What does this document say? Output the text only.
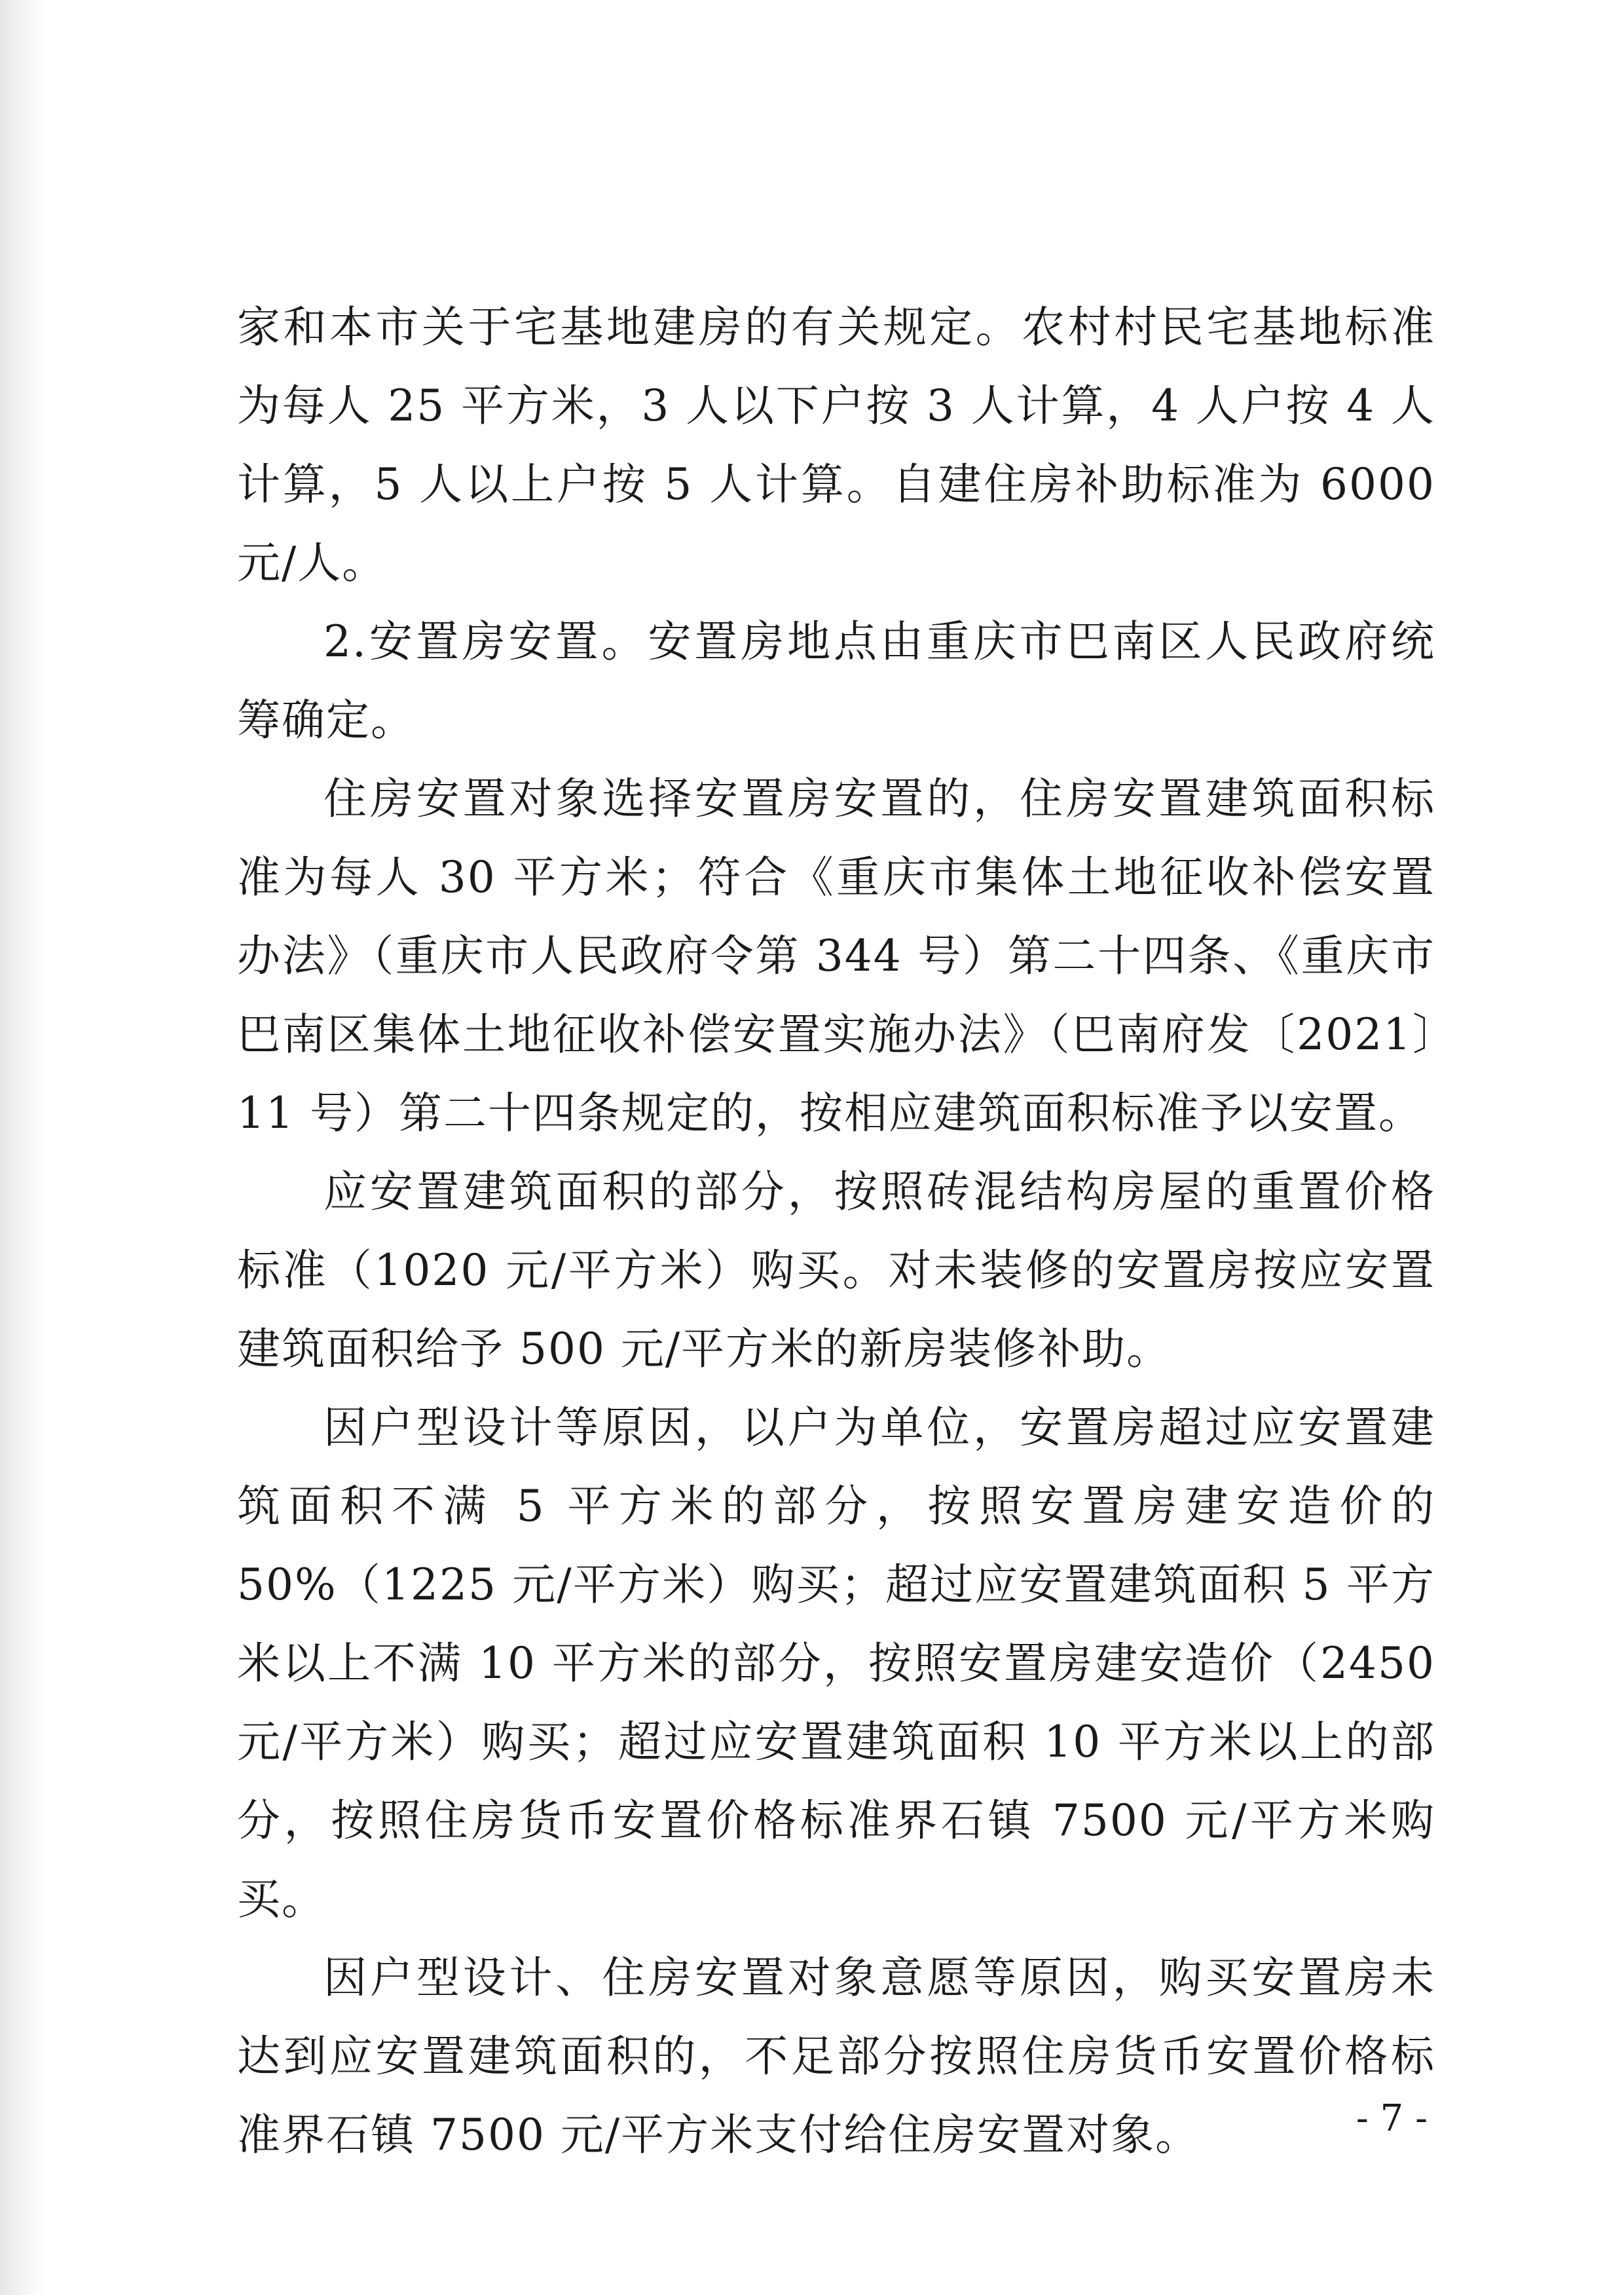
家和本市关于宅基地建房的有关规定。农村村民宅基地标准为每人 25 平方米，3 人以下户按 3 人计算，4 人户按 4 人计算，5 人以上户按 5 人计算。自建住房补助标准为 6000 元/人。

2.安置房安置。安置房地点由重庆市巴南区人民政府统筹确定。

住房安置对象选择安置房安置的，住房安置建筑面积标准为每人 30 平方米；符合《重庆市集体土地征收补偿安置办法》（重庆市人民政府令第 344 号）第二十四条、《重庆市巴南区集体土地征收补偿安置实施办法》（巴南府发〔2021〕11 号）第二十四条规定的，按相应建筑面积标准予以安置。

应安置建筑面积的部分，按照砖混结构房屋的重置价格标准（1020 元/平方米）购买。对未装修的安置房按应安置建筑面积给予 500 元/平方米的新房装修补助。

因户型设计等原因，以户为单位，安置房超过应安置建筑面积不满 5 平方米的部分，按照安置房建安造价的 50%（1225 元/平方米）购买；超过应安置建筑面积 5 平方米以上不满 10 平方米的部分，按照安置房建安造价（2450 元/平方米）购买；超过应安置建筑面积 10 平方米以上的部分，按照住房货币安置价格标准界石镇 7500 元/平方米购买。

因户型设计、住房安置对象意愿等原因，购买安置房未达到应安置建筑面积的，不足部分按照住房货币安置价格标准界石镇 7500 元/平方米支付给住房安置对象。	- 7 -
